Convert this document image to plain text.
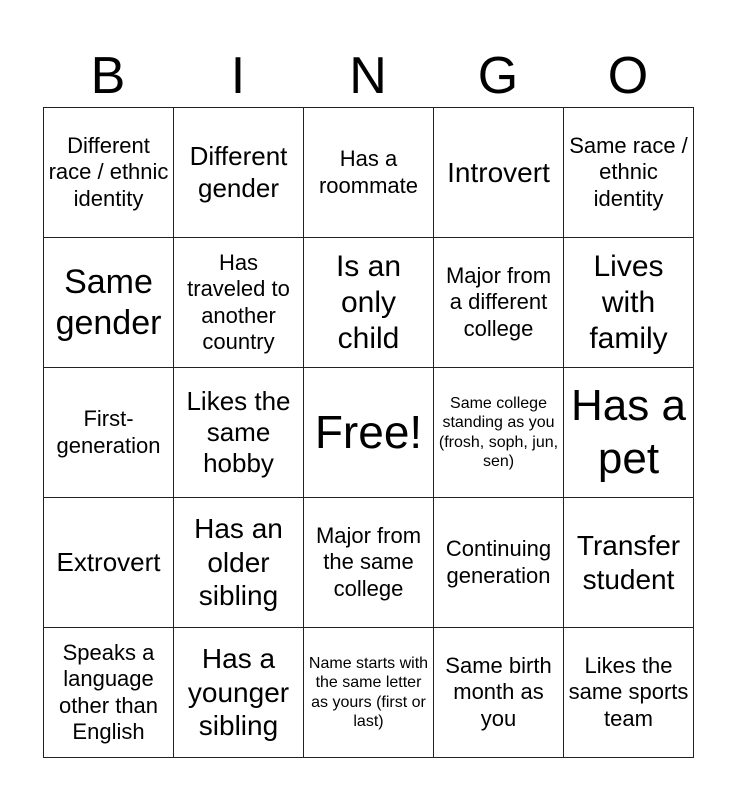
B	I	N	G	O
Different race / ethnic identity	Different gender	Has a roommate	Introvert	Same race / ethnic identity
Same gender	Has traveled to another country	Is an only child	Major from a different college	Lives with family
First-generation	Likes the same hobby	Free!	Same college standing as you (frosh, soph, jun, sen)	Has a pet
Extrovert	Has an older sibling	Major from the same college	Continuing generation	Transfer student
Speaks a language other than English	Has a younger sibling	Name starts with the same letter as yours (first or last)	Same birth month as you	Likes the same sports team
